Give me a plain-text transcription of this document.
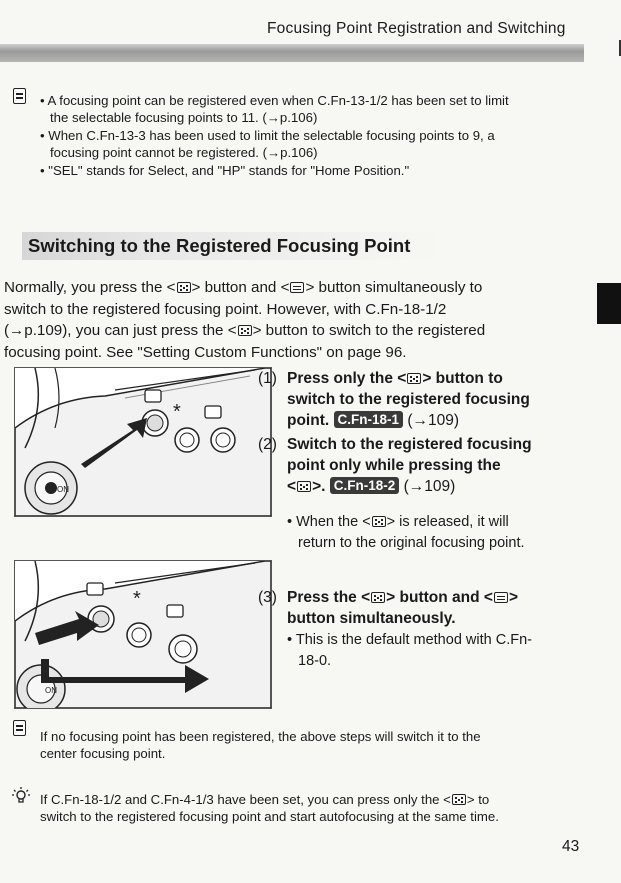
Focusing Point Registration and Switching
• A focusing point can be registered even when C.Fn-13-1/2 has been set to limit
the selectable focusing points to 11. (→p.106)
• When C.Fn-13-3 has been used to limit the selectable focusing points to 9, a
focusing point cannot be registered. (→p.106)
• "SEL" stands for Select, and "HP" stands for "Home Position."
Switching to the Registered Focusing Point
Normally, you press the < > button and < > button simultaneously to
switch to the registered focusing point. However, with C.Fn-18-1/2
(→p.109), you can just press the < > button to switch to the registered
focusing point. See "Setting Custom Functions" on page 96.
ON
*
ON
*
(1) Press only the < > button to
switch to the registered focusing
point. C.Fn-18-1 (→109)
(2) Switch to the registered focusing
point only while pressing the
< >. C.Fn-18-2 (→109)
• When the < > is released, it will
return to the original focusing point.
(3) Press the < > button and < >
button simultaneously.
• This is the default method with C.Fn-
18-0.
If no focusing point has been registered, the above steps will switch it to the
center focusing point.
If C.Fn-18-1/2 and C.Fn-4-1/3 have been set, you can press only the < > to
switch to the registered focusing point and start autofocusing at the same time.
43
